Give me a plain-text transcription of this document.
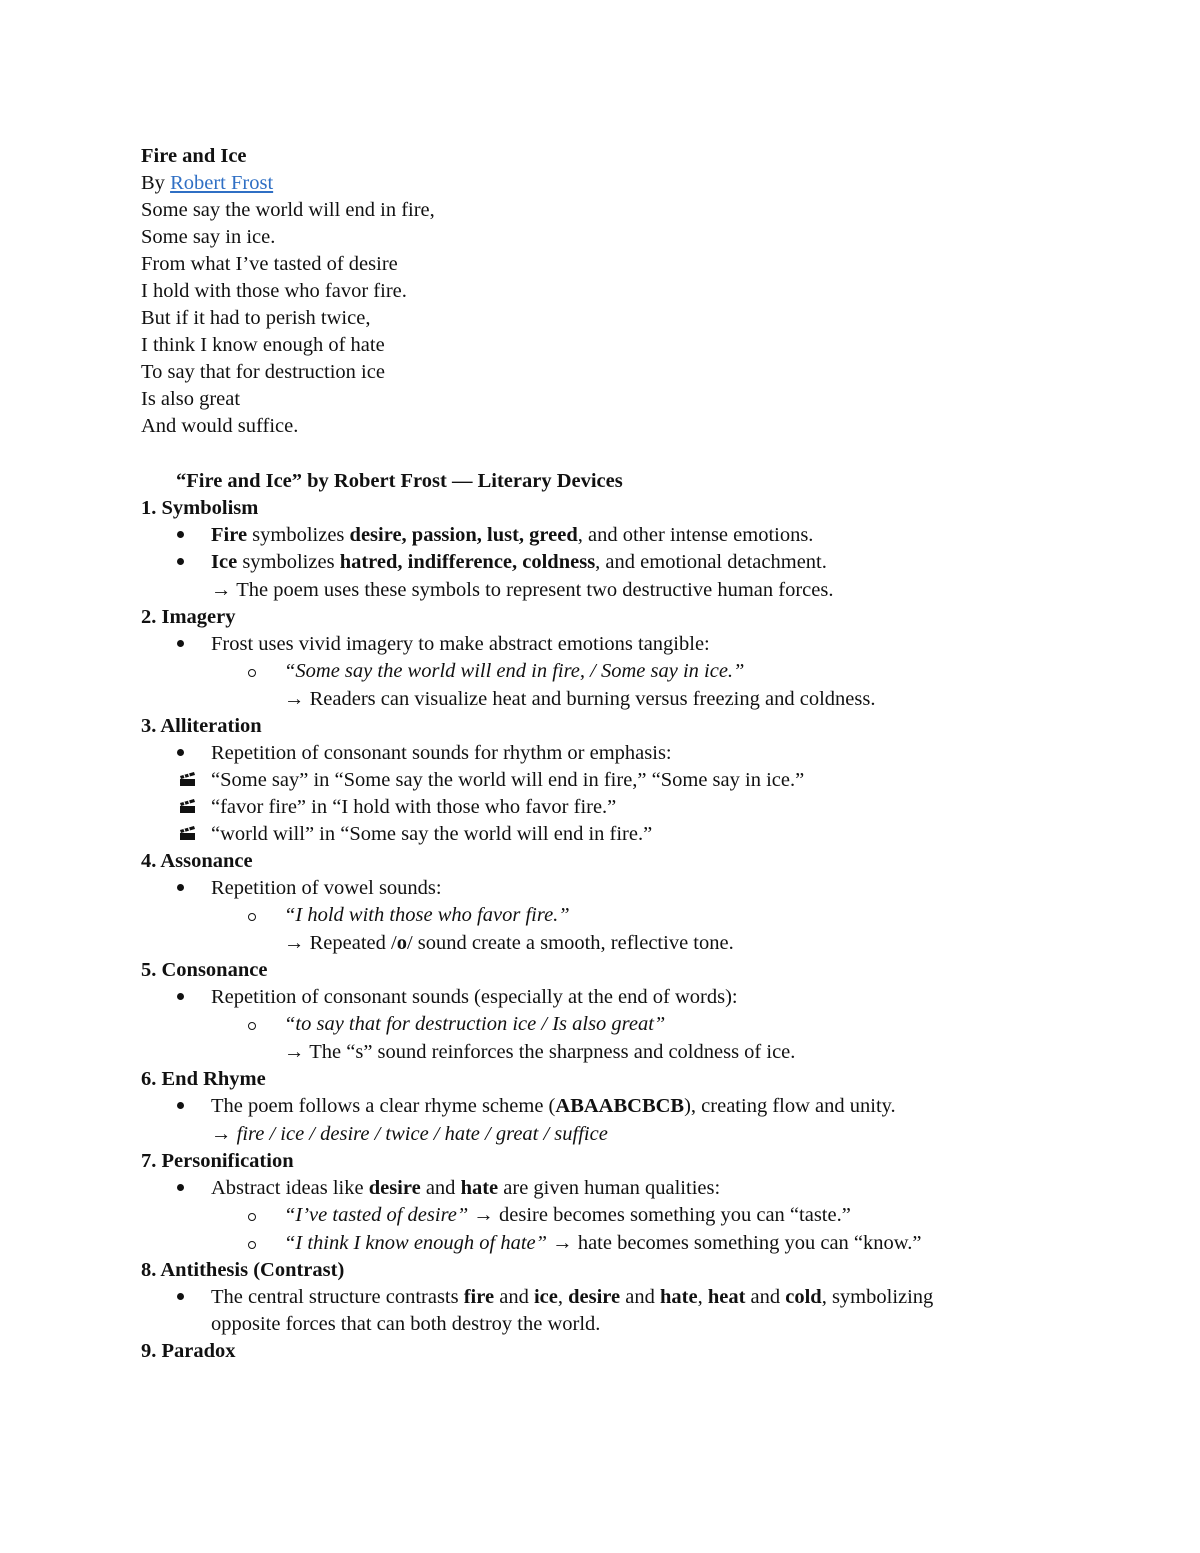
Fire and Ice
By Robert Frost
Some say the world will end in fire,
Some say in ice.
From what I’ve tasted of desire
I hold with those who favor fire.
But if it had to perish twice,
I think I know enough of hate
To say that for destruction ice
Is also great
And would suffice.
“Fire and Ice” by Robert Frost — Literary Devices
1. Symbolism
Fire symbolizes desire, passion, lust, greed, and other intense emotions.
Ice symbolizes hatred, indifference, coldness, and emotional detachment.
→ The poem uses these symbols to represent two destructive human forces.
2. Imagery
Frost uses vivid imagery to make abstract emotions tangible:
“Some say the world will end in fire, / Some say in ice.”
→ Readers can visualize heat and burning versus freezing and coldness.
3. Alliteration
Repetition of consonant sounds for rhythm or emphasis:
“Some say” in “Some say the world will end in fire,” “Some say in ice.”
“favor fire” in “I hold with those who favor fire.”
“world will” in “Some say the world will end in fire.”
4. Assonance
Repetition of vowel sounds:
“I hold with those who favor fire.”
→ Repeated /o/ sound create a smooth, reflective tone.
5. Consonance
Repetition of consonant sounds (especially at the end of words):
“to say that for destruction ice / Is also great”
→ The “s” sound reinforces the sharpness and coldness of ice.
6. End Rhyme
The poem follows a clear rhyme scheme (ABAABCBCB), creating flow and unity.
→ fire / ice / desire / twice / hate / great / suffice
7. Personification
Abstract ideas like desire and hate are given human qualities:
“I’ve tasted of desire” → desire becomes something you can “taste.”
“I think I know enough of hate” → hate becomes something you can “know.”
8. Antithesis (Contrast)
The central structure contrasts fire and ice, desire and hate, heat and cold, symbolizing
opposite forces that can both destroy the world.
9. Paradox
